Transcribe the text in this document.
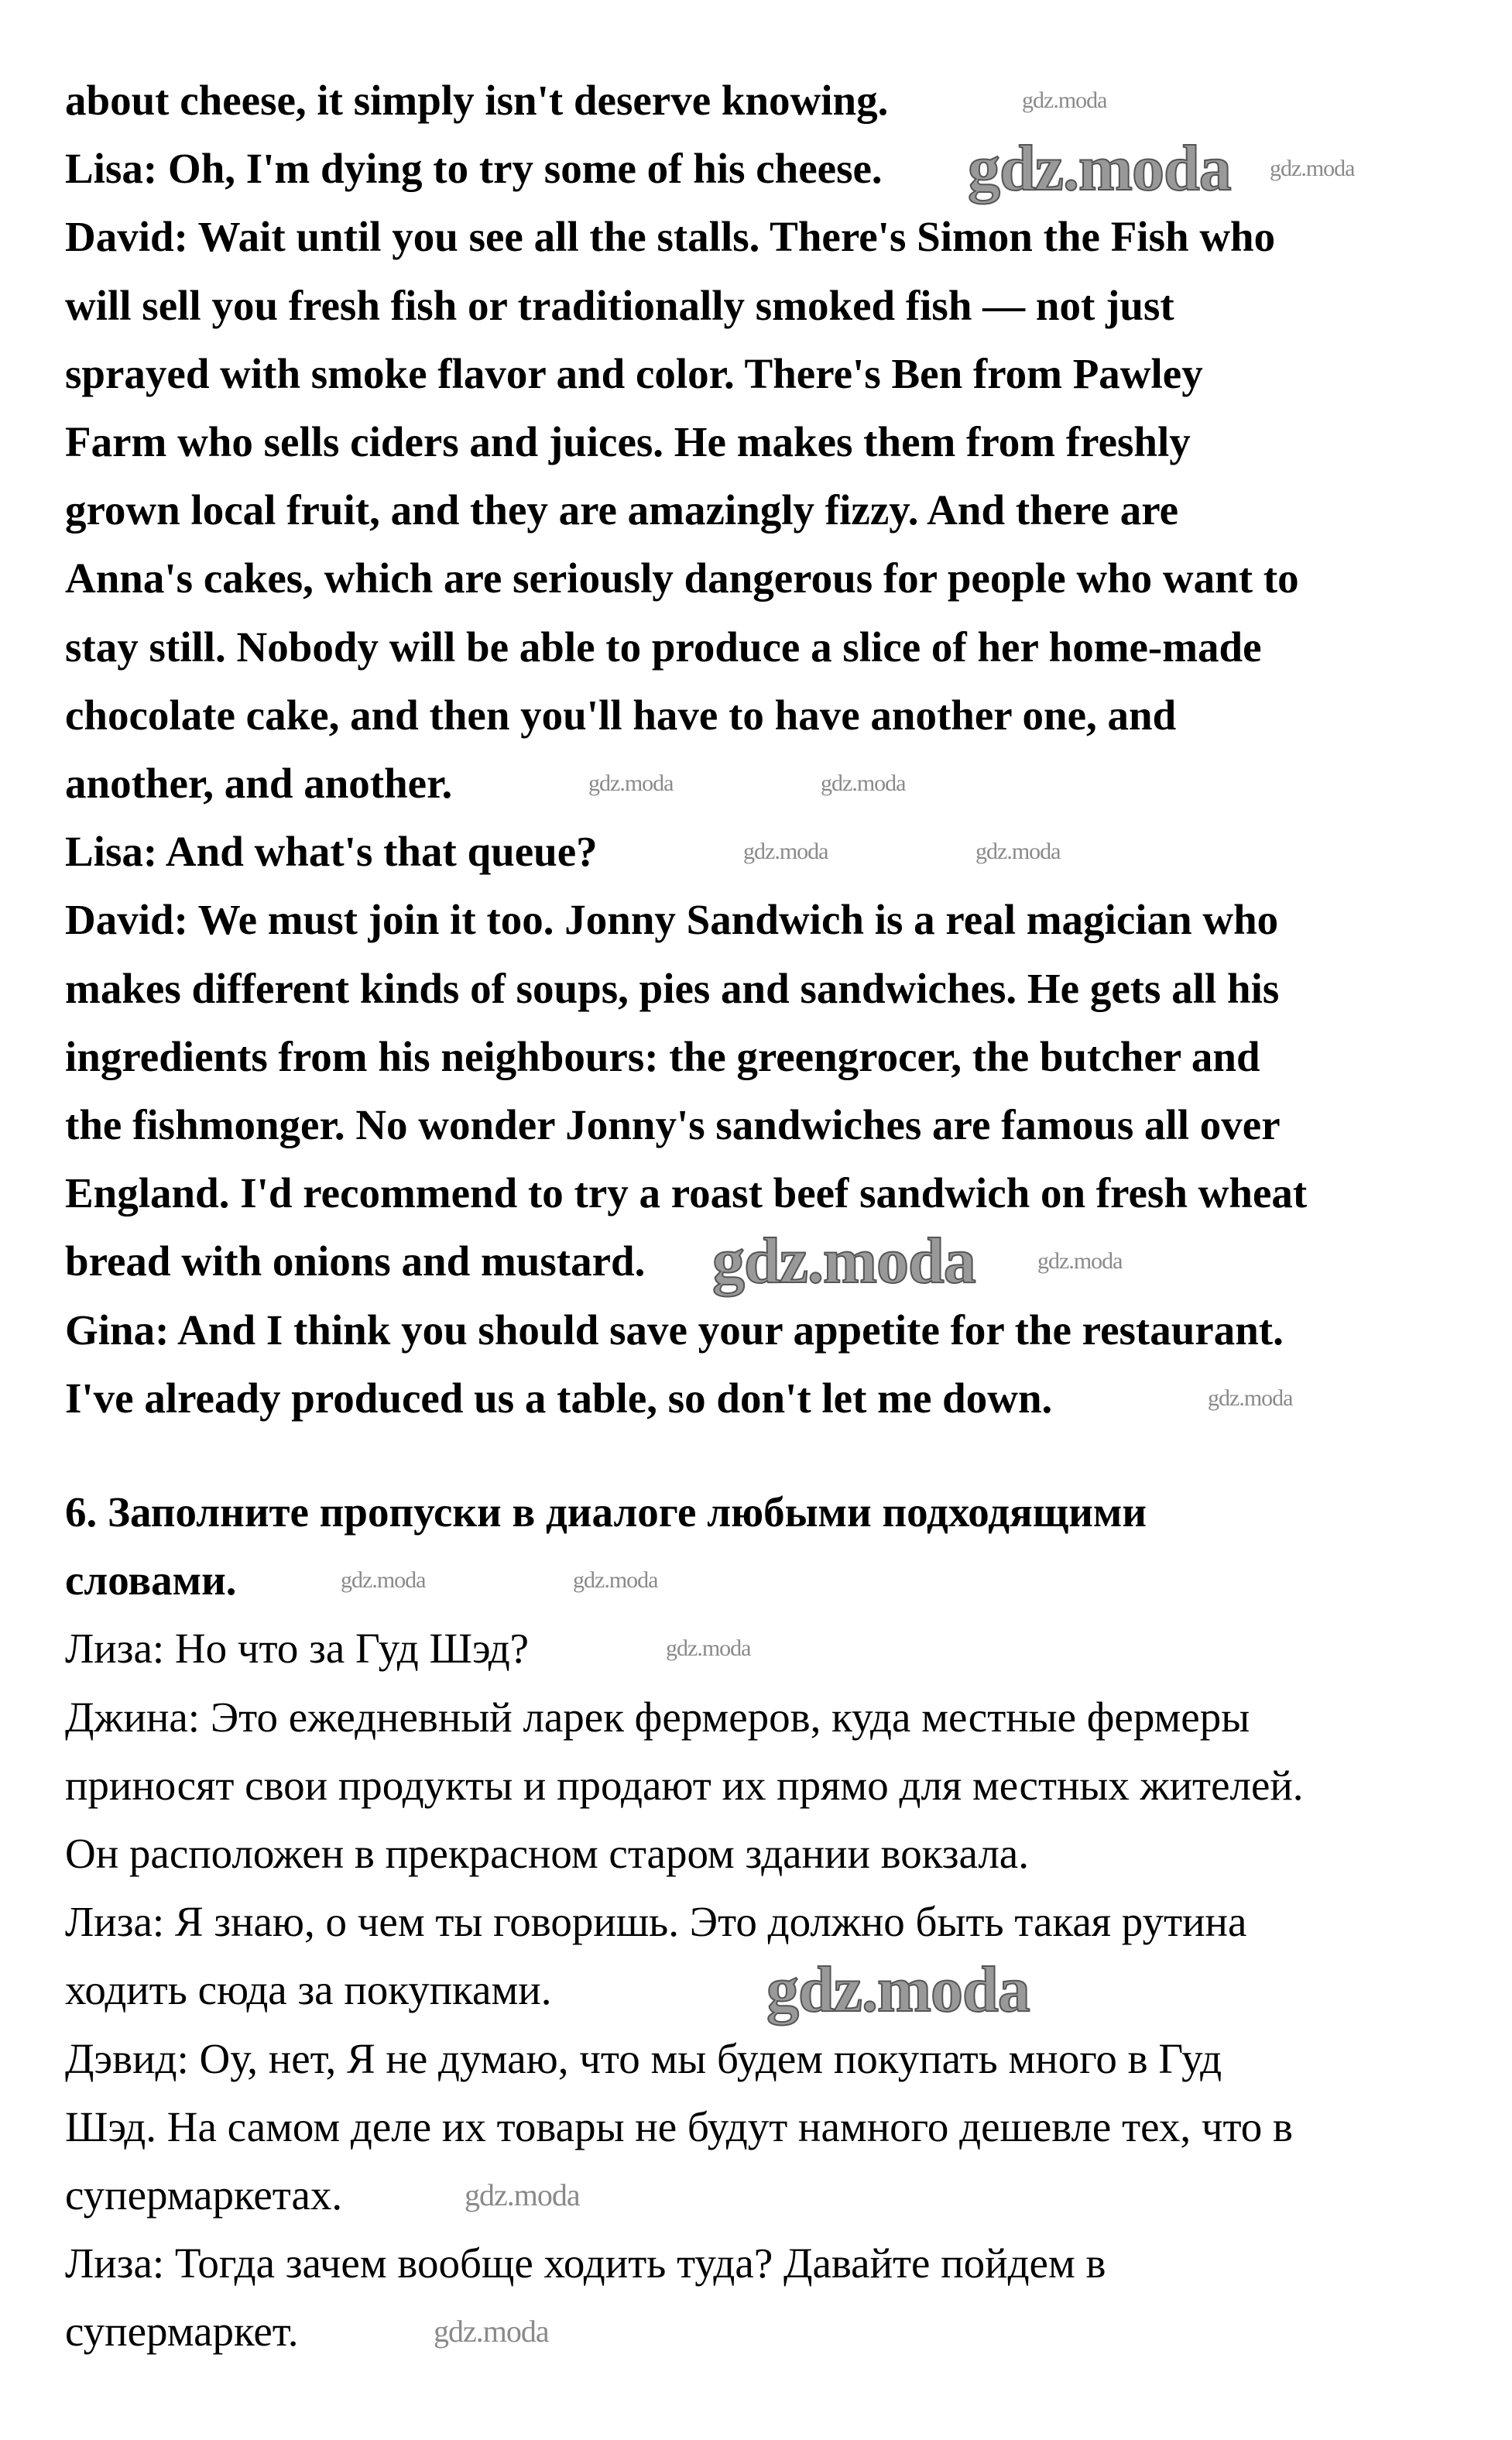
about cheese, it simply isn't deserve knowing.
Lisa: Oh, I'm dying to try some of his cheese.
David: Wait until you see all the stalls. There's Simon the Fish who
will sell you fresh fish or traditionally smoked fish — not just
sprayed with smoke flavor and color. There's Ben from Pawley
Farm who sells ciders and juices. He makes them from freshly
grown local fruit, and they are amazingly fizzy. And there are
Anna's cakes, which are seriously dangerous for people who want to
stay still. Nobody will be able to produce a slice of her home-made
chocolate cake, and then you'll have to have another one, and
another, and another.
Lisa: And what's that queue?
David: We must join it too. Jonny Sandwich is a real magician who
makes different kinds of soups, pies and sandwiches. He gets all his
ingredients from his neighbours: the greengrocer, the butcher and
the fishmonger. No wonder Jonny's sandwiches are famous all over
England. I'd recommend to try a roast beef sandwich on fresh wheat
bread with onions and mustard.
Gina: And I think you should save your appetite for the restaurant.
I've already produced us a table, so don't let me down.
6. Заполните пропуски в диалоге любыми подходящими
словами.
Лиза: Но что за Гуд Шэд?
Джина: Это ежедневный ларек фермеров, куда местные фермеры
приносят свои продукты и продают их прямо для местных жителей.
Он расположен в прекрасном старом здании вокзала.
Лиза: Я знаю, о чем ты говоришь. Это должно быть такая рутина
ходить сюда за покупками.
Дэвид: Оу, нет, Я не думаю, что мы будем покупать много в Гуд
Шэд. На самом деле их товары не будут намного дешевле тех, что в
супермаркетах.
Лиза: Тогда зачем вообще ходить туда? Давайте пойдем в
супермаркет.
gdz.moda
gdz.moda
gdz.moda
gdz.moda
gdz.moda
gdz.moda	gdz.moda
gdz.moda	gdz.moda
gdz.moda
gdz.moda
gdz.moda	gdz.moda
gdz.moda
gdz.moda
gdz.moda
